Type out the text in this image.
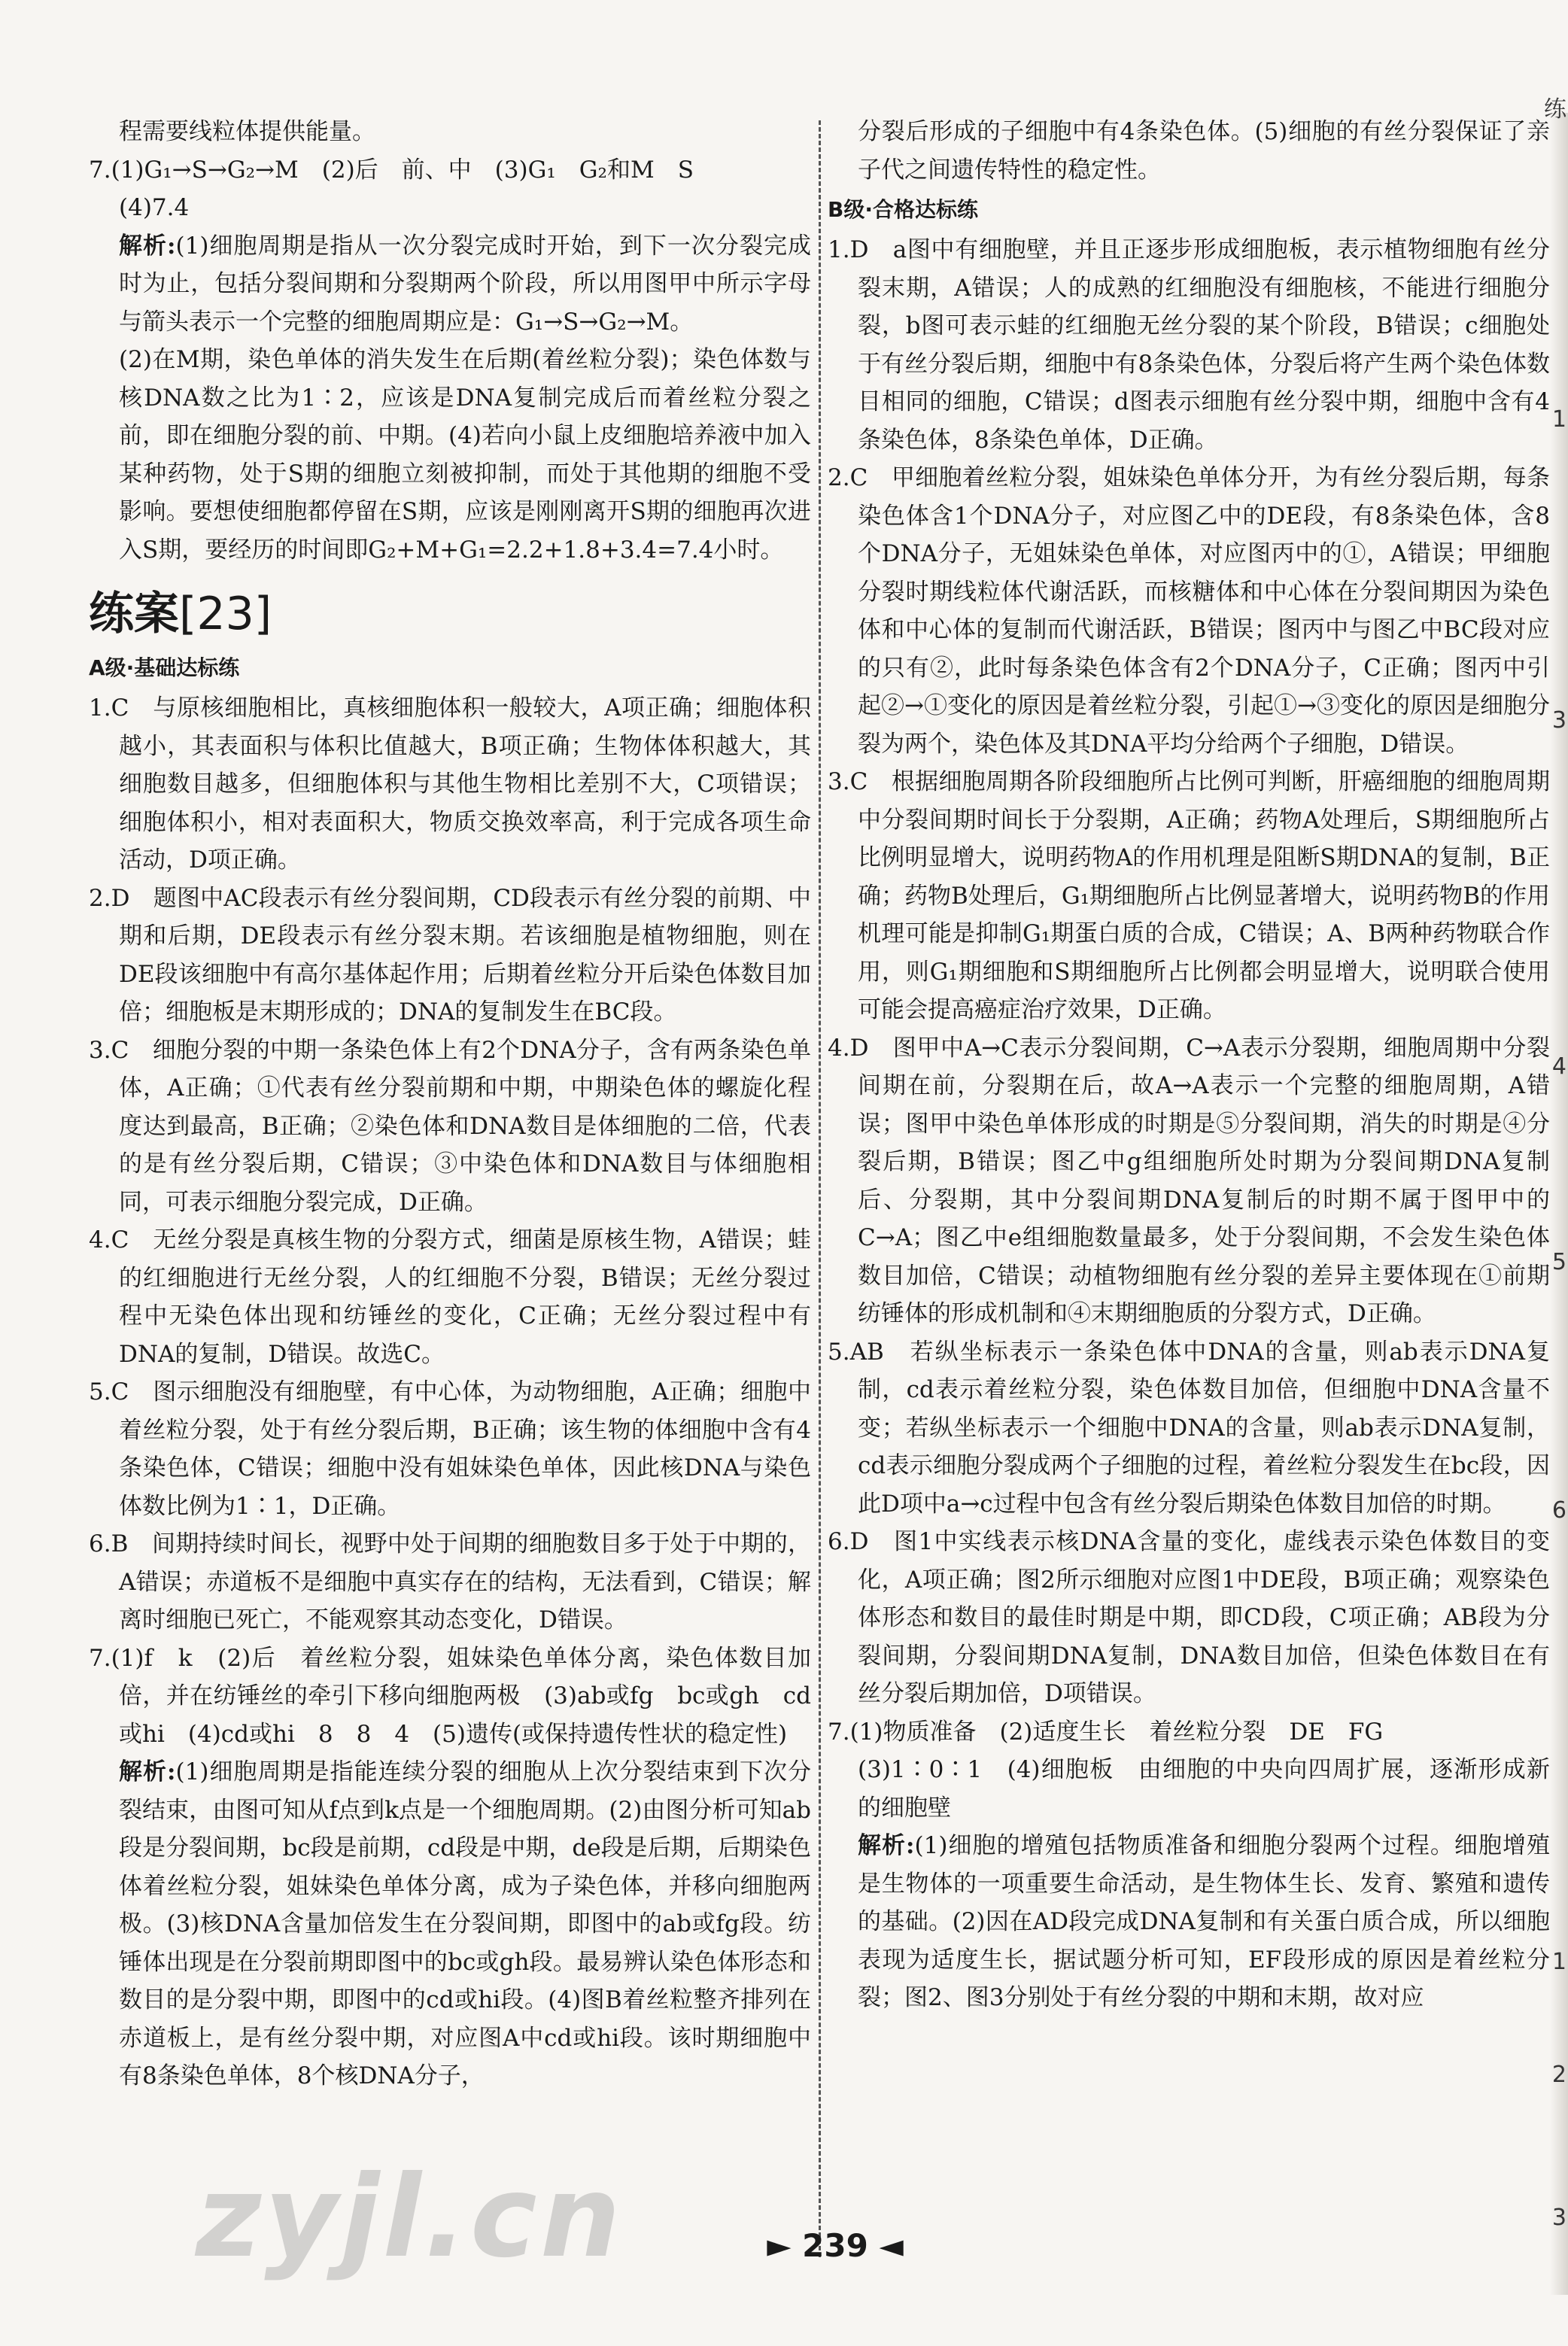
程需要线粒体提供能量。

7.(1)G₁→S→G₂→M　(2)后　前、中　(3)G₁　G₂和M　S

(4)7.4

解析:(1)细胞周期是指从一次分裂完成时开始，到下一次分裂完成时为止，包括分裂间期和分裂期两个阶段，所以用图甲中所示字母与箭头表示一个完整的细胞周期应是：G₁→S→G₂→M。

(2)在M期，染色单体的消失发生在后期(着丝粒分裂)；染色体数与核DNA数之比为1∶2，应该是DNA复制完成后而着丝粒分裂之前，即在细胞分裂的前、中期。(4)若向小鼠上皮细胞培养液中加入某种药物，处于S期的细胞立刻被抑制，而处于其他期的细胞不受影响。要想使细胞都停留在S期，应该是刚刚离开S期的细胞再次进入S期，要经历的时间即G₂+M+G₁=2.2+1.8+3.4=7.4小时。

练案[23]
A级·基础达标练

1.C　与原核细胞相比，真核细胞体积一般较大，A项正确；细胞体积越小，其表面积与体积比值越大，B项正确；生物体体积越大，其细胞数目越多，但细胞体积与其他生物相比差别不大，C项错误；细胞体积小，相对表面积大，物质交换效率高，利于完成各项生命活动，D项正确。

2.D　题图中AC段表示有丝分裂间期，CD段表示有丝分裂的前期、中期和后期，DE段表示有丝分裂末期。若该细胞是植物细胞，则在DE段该细胞中有高尔基体起作用；后期着丝粒分开后染色体数目加倍；细胞板是末期形成的；DNA的复制发生在BC段。

3.C　细胞分裂的中期一条染色体上有2个DNA分子，含有两条染色单体，A正确；①代表有丝分裂前期和中期，中期染色体的螺旋化程度达到最高，B正确；②染色体和DNA数目是体细胞的二倍，代表的是有丝分裂后期，C错误；③中染色体和DNA数目与体细胞相同，可表示细胞分裂完成，D正确。

4.C　无丝分裂是真核生物的分裂方式，细菌是原核生物，A错误；蛙的红细胞进行无丝分裂，人的红细胞不分裂，B错误；无丝分裂过程中无染色体出现和纺锤丝的变化，C正确；无丝分裂过程中有DNA的复制，D错误。故选C。

5.C　图示细胞没有细胞壁，有中心体，为动物细胞，A正确；细胞中着丝粒分裂，处于有丝分裂后期，B正确；该生物的体细胞中含有4条染色体，C错误；细胞中没有姐妹染色单体，因此核DNA与染色体数比例为1∶1，D正确。

6.B　间期持续时间长，视野中处于间期的细胞数目多于处于中期的，A错误；赤道板不是细胞中真实存在的结构，无法看到，C错误；解离时细胞已死亡，不能观察其动态变化，D错误。

7.(1)f　k　(2)后　着丝粒分裂，姐妹染色单体分离，染色体数目加倍，并在纺锤丝的牵引下移向细胞两极　(3)ab或fg　bc或gh　cd或hi　(4)cd或hi　8　8　4　(5)遗传(或保持遗传性状的稳定性)

解析:(1)细胞周期是指能连续分裂的细胞从上次分裂结束到下次分裂结束，由图可知从f点到k点是一个细胞周期。(2)由图分析可知ab段是分裂间期，bc段是前期，cd段是中期，de段是后期，后期染色体着丝粒分裂，姐妹染色单体分离，成为子染色体，并移向细胞两极。(3)核DNA含量加倍发生在分裂间期，即图中的ab或fg段。纺锤体出现是在分裂前期即图中的bc或gh段。最易辨认染色体形态和数目的是分裂中期，即图中的cd或hi段。(4)图B着丝粒整齐排列在赤道板上，是有丝分裂中期，对应图A中cd或hi段。该时期细胞中有8条染色单体，8个核DNA分子，

分裂后形成的子细胞中有4条染色体。(5)细胞的有丝分裂保证了亲子代之间遗传特性的稳定性。

B级·合格达标练

1.D　a图中有细胞壁，并且正逐步形成细胞板，表示植物细胞有丝分裂末期，A错误；人的成熟的红细胞没有细胞核，不能进行细胞分裂，b图可表示蛙的红细胞无丝分裂的某个阶段，B错误；c细胞处于有丝分裂后期，细胞中有8条染色体，分裂后将产生两个染色体数目相同的细胞，C错误；d图表示细胞有丝分裂中期，细胞中含有4条染色体，8条染色单体，D正确。

2.C　甲细胞着丝粒分裂，姐妹染色单体分开，为有丝分裂后期，每条染色体含1个DNA分子，对应图乙中的DE段，有8条染色体，含8个DNA分子，无姐妹染色单体，对应图丙中的①，A错误；甲细胞分裂时期线粒体代谢活跃，而核糖体和中心体在分裂间期因为染色体和中心体的复制而代谢活跃，B错误；图丙中与图乙中BC段对应的只有②，此时每条染色体含有2个DNA分子，C正确；图丙中引起②→①变化的原因是着丝粒分裂，引起①→③变化的原因是细胞分裂为两个，染色体及其DNA平均分给两个子细胞，D错误。

3.C　根据细胞周期各阶段细胞所占比例可判断，肝癌细胞的细胞周期中分裂间期时间长于分裂期，A正确；药物A处理后，S期细胞所占比例明显增大，说明药物A的作用机理是阻断S期DNA的复制，B正确；药物B处理后，G₁期细胞所占比例显著增大，说明药物B的作用机理可能是抑制G₁期蛋白质的合成，C错误；A、B两种药物联合作用，则G₁期细胞和S期细胞所占比例都会明显增大，说明联合使用可能会提高癌症治疗效果，D正确。

4.D　图甲中A→C表示分裂间期，C→A表示分裂期，细胞周期中分裂间期在前，分裂期在后，故A→A表示一个完整的细胞周期，A错误；图甲中染色单体形成的时期是⑤分裂间期，消失的时期是④分裂后期，B错误；图乙中g组细胞所处时期为分裂间期DNA复制后、分裂期，其中分裂间期DNA复制后的时期不属于图甲中的C→A；图乙中e组细胞数量最多，处于分裂间期，不会发生染色体数目加倍，C错误；动植物细胞有丝分裂的差异主要体现在①前期纺锤体的形成机制和④末期细胞质的分裂方式，D正确。

5.AB　若纵坐标表示一条染色体中DNA的含量，则ab表示DNA复制，cd表示着丝粒分裂，染色体数目加倍，但细胞中DNA含量不变；若纵坐标表示一个细胞中DNA的含量，则ab表示DNA复制，cd表示细胞分裂成两个子细胞的过程，着丝粒分裂发生在bc段，因此D项中a→c过程中包含有丝分裂后期染色体数目加倍的时期。

6.D　图1中实线表示核DNA含量的变化，虚线表示染色体数目的变化，A项正确；图2所示细胞对应图1中DE段，B项正确；观察染色体形态和数目的最佳时期是中期，即CD段，C项正确；AB段为分裂间期，分裂间期DNA复制，DNA数目加倍，但染色体数目在有丝分裂后期加倍，D项错误。

7.(1)物质准备　(2)适度生长　着丝粒分裂　DE　FG

(3)1∶0∶1　(4)细胞板　由细胞的中央向四周扩展，逐渐形成新的细胞壁

解析:(1)细胞的增殖包括物质准备和细胞分裂两个过程。细胞增殖是生物体的一项重要生命活动，是生物体生长、发育、繁殖和遗传的基础。(2)因在AD段完成DNA复制和有关蛋白质合成，所以细胞表现为适度生长，据试题分析可知，EF段形成的原因是着丝粒分裂；图2、图3分别处于有丝分裂的中期和末期，故对应

练
1
3
4
5
6
1
2
3
zyjl.cn	► 239 ◄
